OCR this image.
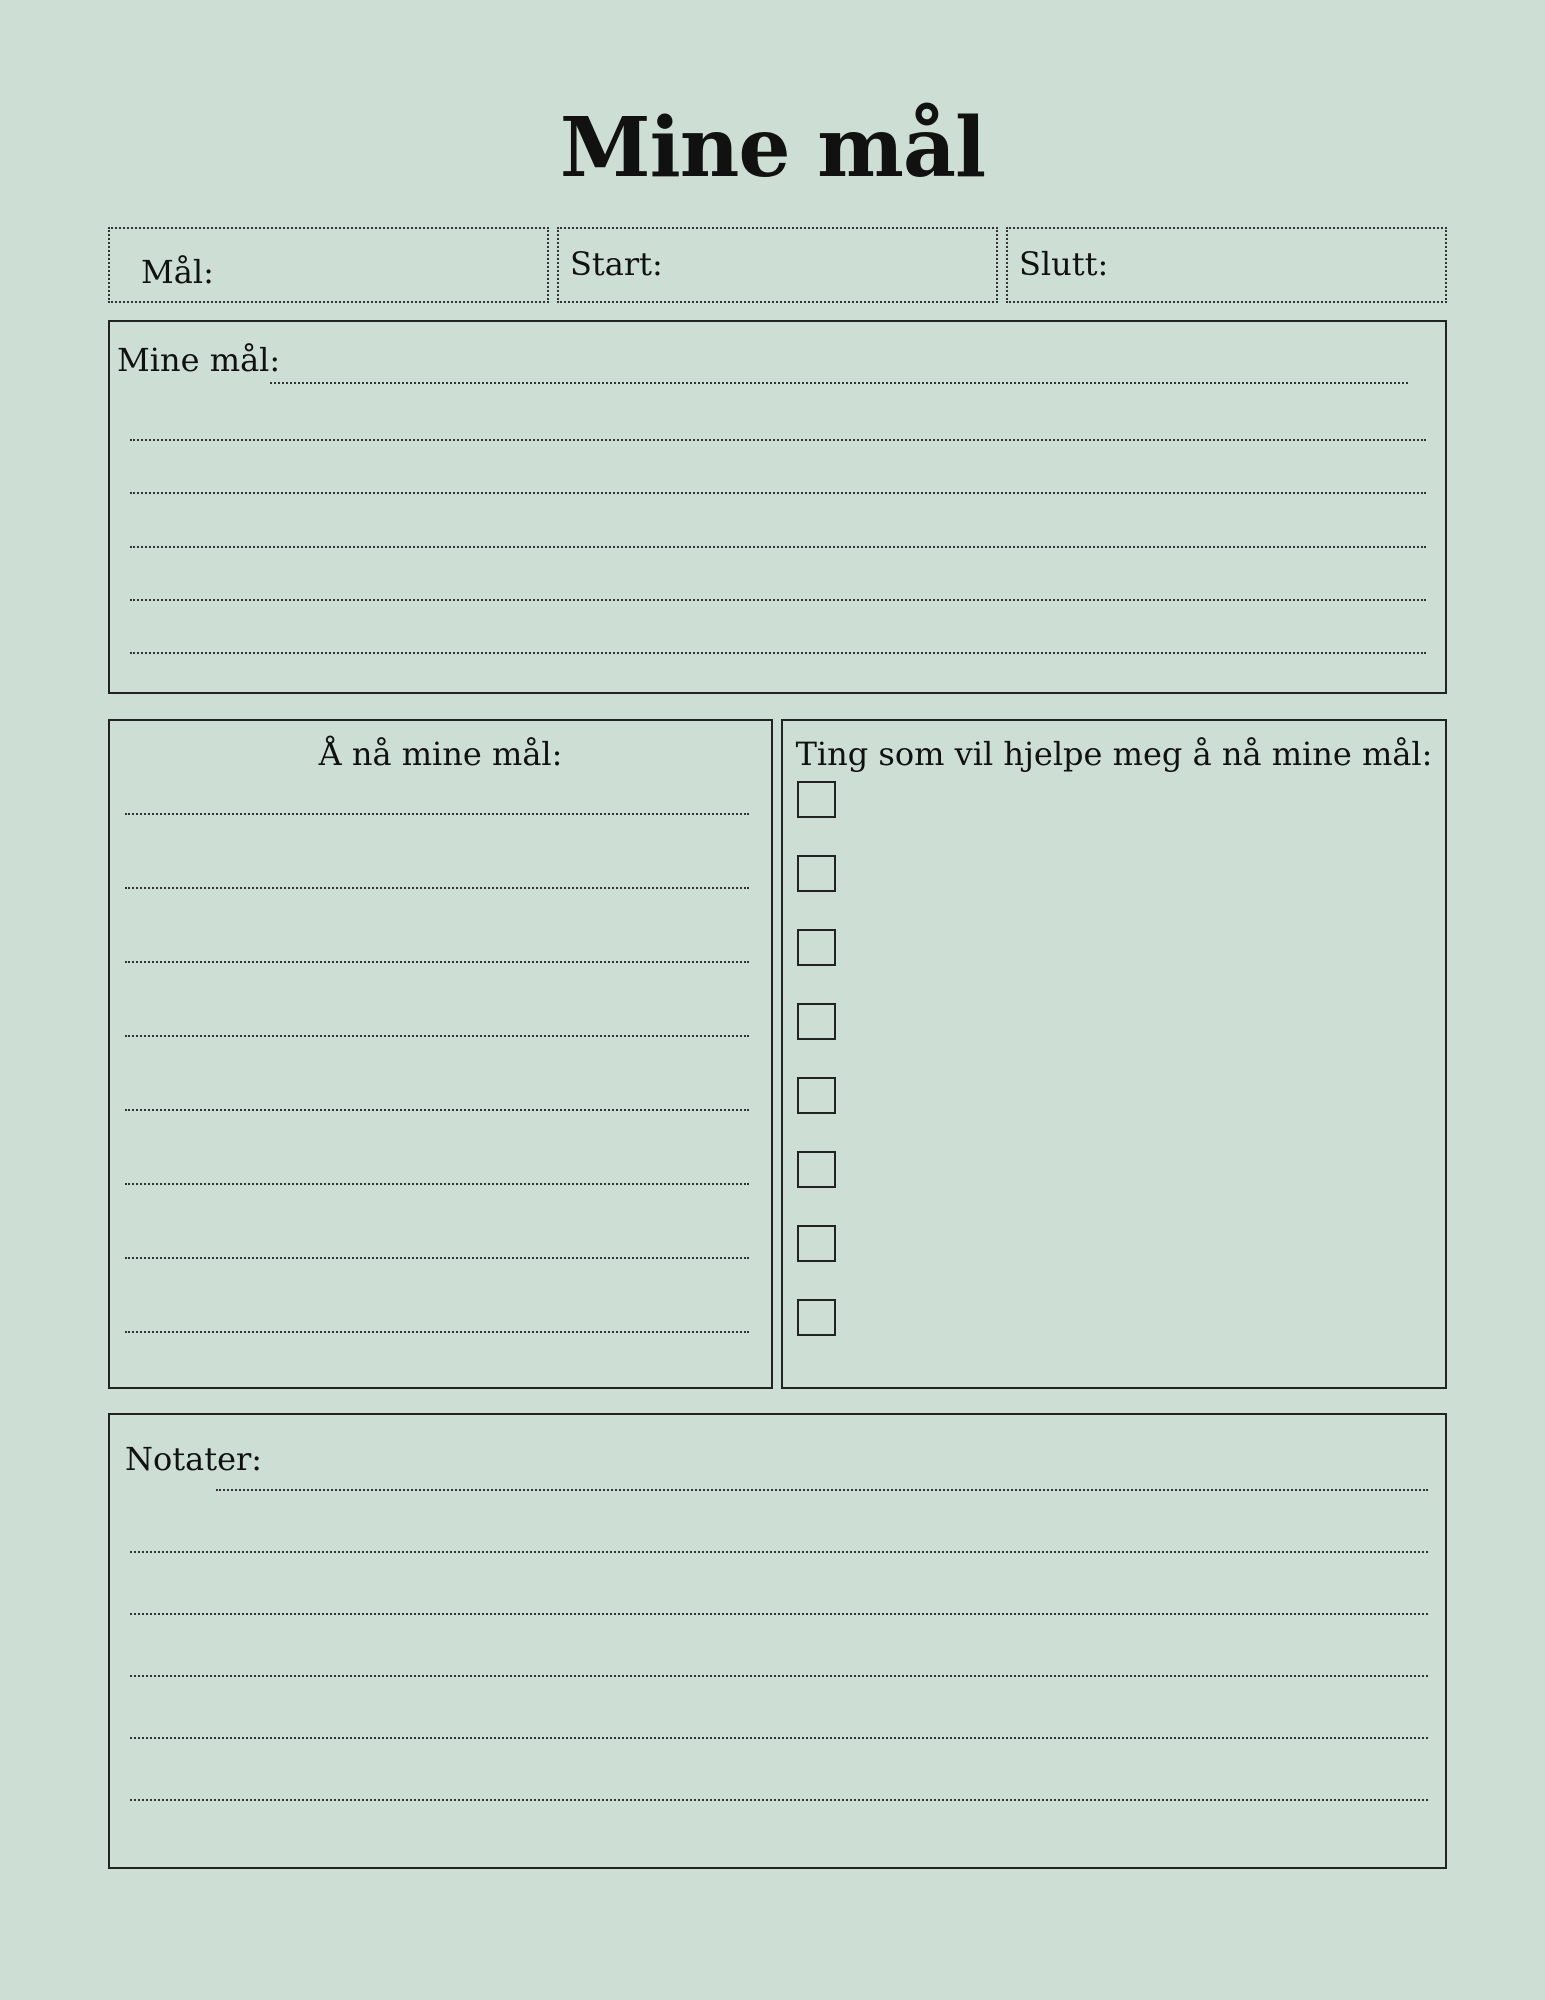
Mine mål
Mål:	Start:	Slutt:
Mine mål:
Å nå mine mål:	Ting som vil hjelpe meg å nå mine mål:
Notater:
